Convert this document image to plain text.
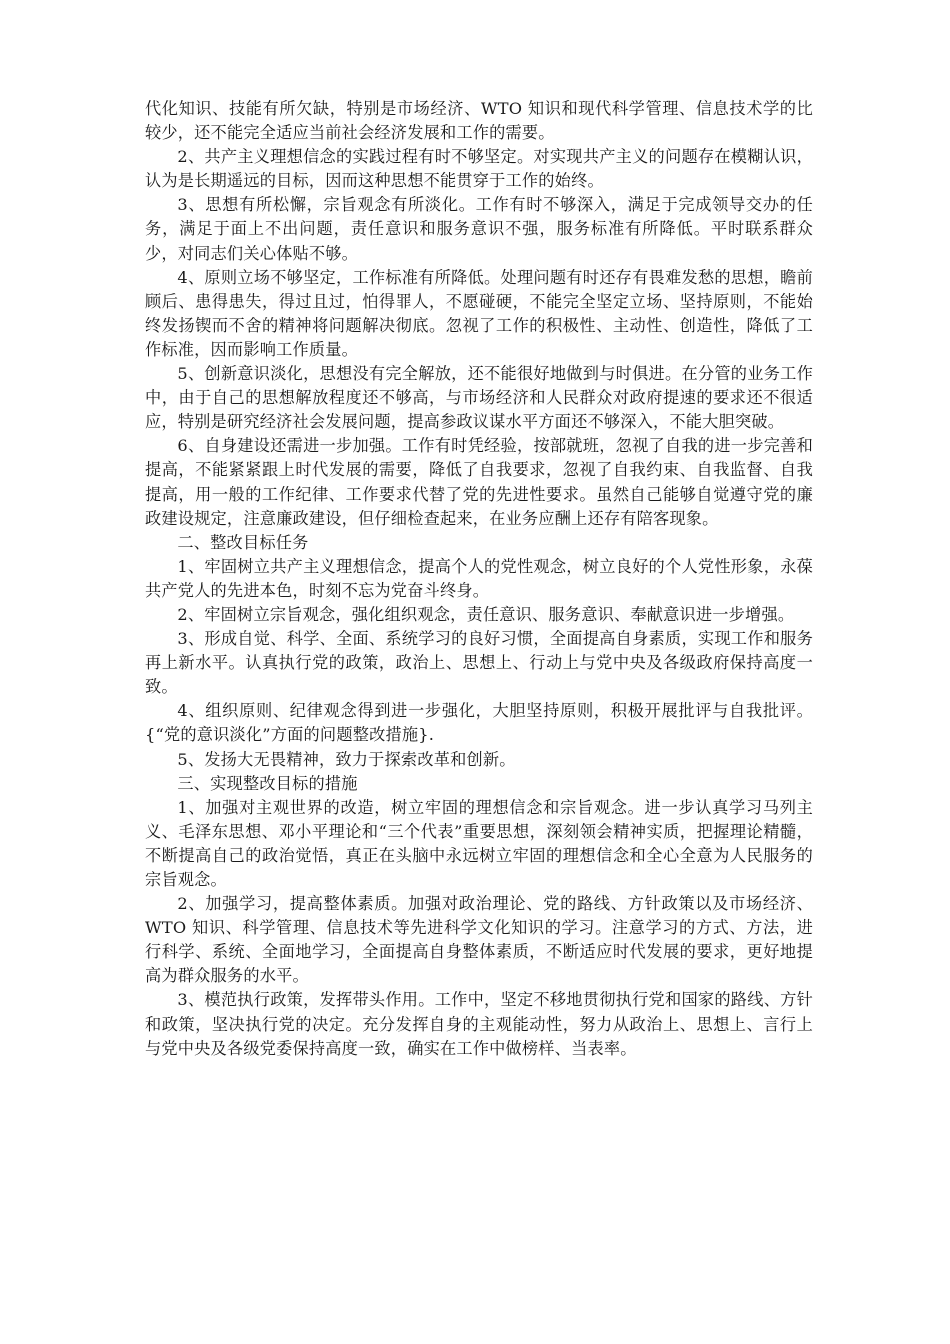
代化知识、技能有所欠缺，特别是市场经济、WTO 知识和现代科学管理、信息技术学的比较少，还不能完全适应当前社会经济发展和工作的需要。

2、共产主义理想信念的实践过程有时不够坚定。对实现共产主义的问题存在模糊认识，认为是长期遥远的目标，因而这种思想不能贯穿于工作的始终。

3、思想有所松懈，宗旨观念有所淡化。工作有时不够深入，满足于完成领导交办的任务，满足于面上不出问题，责任意识和服务意识不强，服务标准有所降低。平时联系群众少，对同志们关心体贴不够。

4、原则立场不够坚定，工作标准有所降低。处理问题有时还存有畏难发愁的思想，瞻前顾后、患得患失，得过且过，怕得罪人，不愿碰硬，不能完全坚定立场、坚持原则，不能始终发扬锲而不舍的精神将问题解决彻底。忽视了工作的积极性、主动性、创造性，降低了工作标准，因而影响工作质量。

5、创新意识淡化，思想没有完全解放，还不能很好地做到与时俱进。在分管的业务工作中，由于自己的思想解放程度还不够高，与市场经济和人民群众对政府提速的要求还不很适应，特别是研究经济社会发展问题，提高参政议谋水平方面还不够深入，不能大胆突破。

6、自身建设还需进一步加强。工作有时凭经验，按部就班，忽视了自我的进一步完善和提高，不能紧紧跟上时代发展的需要，降低了自我要求，忽视了自我约束、自我监督、自我提高，用一般的工作纪律、工作要求代替了党的先进性要求。虽然自己能够自觉遵守党的廉政建设规定，注意廉政建设，但仔细检查起来，在业务应酬上还存有陪客现象。

二、整改目标任务

1、牢固树立共产主义理想信念，提高个人的党性观念，树立良好的个人党性形象，永葆共产党人的先进本色，时刻不忘为党奋斗终身。

2、牢固树立宗旨观念，强化组织观念，责任意识、服务意识、奉献意识进一步增强。

3、形成自觉、科学、全面、系统学习的良好习惯，全面提高自身素质，实现工作和服务再上新水平。认真执行党的政策，政治上、思想上、行动上与党中央及各级政府保持高度一致。

4、组织原则、纪律观念得到进一步强化，大胆坚持原则，积极开展批评与自我批评。{“党的意识淡化”方面的问题整改措施}.

5、发扬大无畏精神，致力于探索改革和创新。

三、实现整改目标的措施

1、加强对主观世界的改造，树立牢固的理想信念和宗旨观念。进一步认真学习马列主义、毛泽东思想、邓小平理论和“三个代表”重要思想，深刻领会精神实质，把握理论精髓，不断提高自己的政治觉悟，真正在头脑中永远树立牢固的理想信念和全心全意为人民服务的宗旨观念。

2、加强学习，提高整体素质。加强对政治理论、党的路线、方针政策以及市场经济、WTO 知识、科学管理、信息技术等先进科学文化知识的学习。注意学习的方式、方法，进行科学、系统、全面地学习，全面提高自身整体素质，不断适应时代发展的要求，更好地提高为群众服务的水平。

3、模范执行政策，发挥带头作用。工作中，坚定不移地贯彻执行党和国家的路线、方针和政策，坚决执行党的决定。充分发挥自身的主观能动性，努力从政治上、思想上、言行上与党中央及各级党委保持高度一致，确实在工作中做榜样、当表率。
